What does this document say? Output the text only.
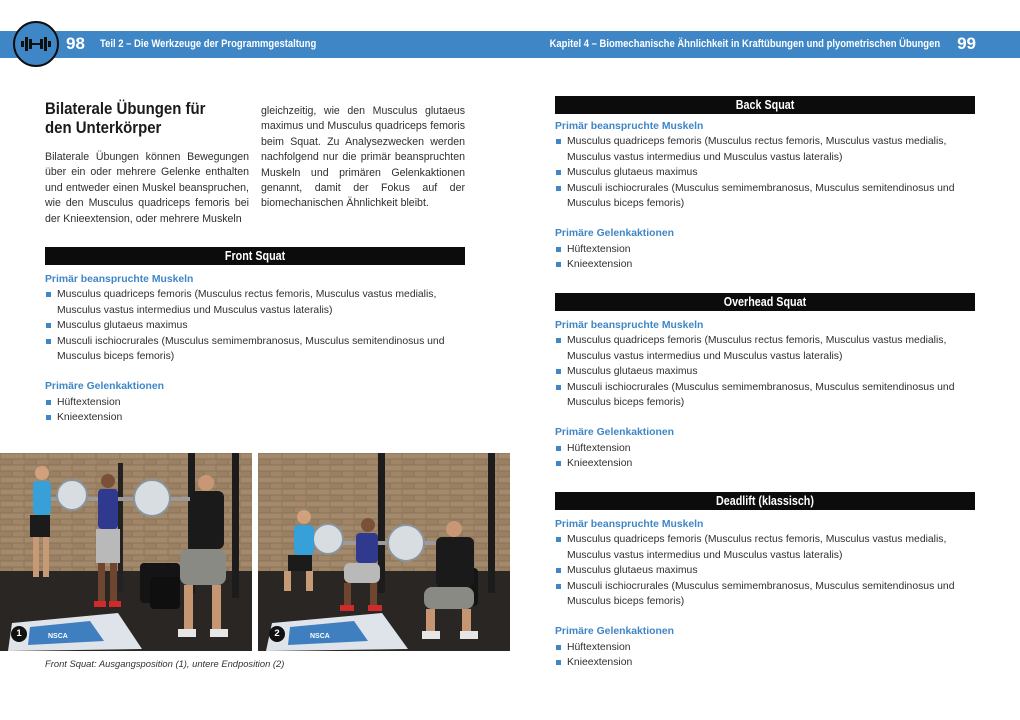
98 Teil 2 – Die Werkzeuge der Programmgestaltung	Kapitel 4 – Biomechanische Ähnlichkeit in Kraftübungen und plyometrischen Übungen 99
Bilaterale Übungen für den Unterkörper

Bilaterale Übungen können Bewegungen über ein oder mehrere Gelenke enthalten und entweder einen Muskel beanspruchen, wie den Musculus quadriceps femoris bei der Knieextension, oder mehrere Muskeln

gleichzeitig, wie den Musculus glutaeus maximus und Musculus quadriceps femoris beim Squat. Zu Analysezwecken werden nachfolgend nur die primär beanspruchten Muskeln und primären Gelenkaktionen genannt, damit der Fokus auf der biomechanischen Ähnlichkeit bleibt.

Front Squat
Primär beanspruchte Muskeln
Musculus quadriceps femoris (Musculus rectus femoris, Musculus vastus medialis, Musculus vastus intermedius und Musculus vastus lateralis)
Musculus glutaeus maximus
Musculi ischiocrurales (Musculus semimembranosus, Musculus semitendinosus und Musculus biceps femoris)
Primäre Gelenkaktionen
Hüftextension
Knieextension
Back Squat
Primär beanspruchte Muskeln
Musculus quadriceps femoris (Musculus rectus femoris, Musculus vastus medialis, Musculus vastus intermedius und Musculus vastus lateralis)
Musculus glutaeus maximus
Musculi ischiocrurales (Musculus semimembranosus, Musculus semitendinosus und Musculus biceps femoris)
Primäre Gelenkaktionen
Hüftextension
Knieextension
Overhead Squat
Primär beanspruchte Muskeln
Musculus quadriceps femoris (Musculus rectus femoris, Musculus vastus medialis, Musculus vastus intermedius und Musculus vastus lateralis)
Musculus glutaeus maximus
Musculi ischiocrurales (Musculus semimembranosus, Musculus semitendinosus und Musculus biceps femoris)
Primäre Gelenkaktionen
Hüftextension
Knieextension
Deadlift (klassisch)
Primär beanspruchte Muskeln
Musculus quadriceps femoris (Musculus rectus femoris, Musculus vastus medialis, Musculus vastus intermedius und Musculus vastus lateralis)
Musculus glutaeus maximus
Musculi ischiocrurales (Musculus semimembranosus, Musculus semitendinosus und Musculus biceps femoris)
Primäre Gelenkaktionen
Hüftextension
Knieextension
NSCA
1	NSCA
2
Front Squat: Ausgangsposition (1), untere Endposition (2)
